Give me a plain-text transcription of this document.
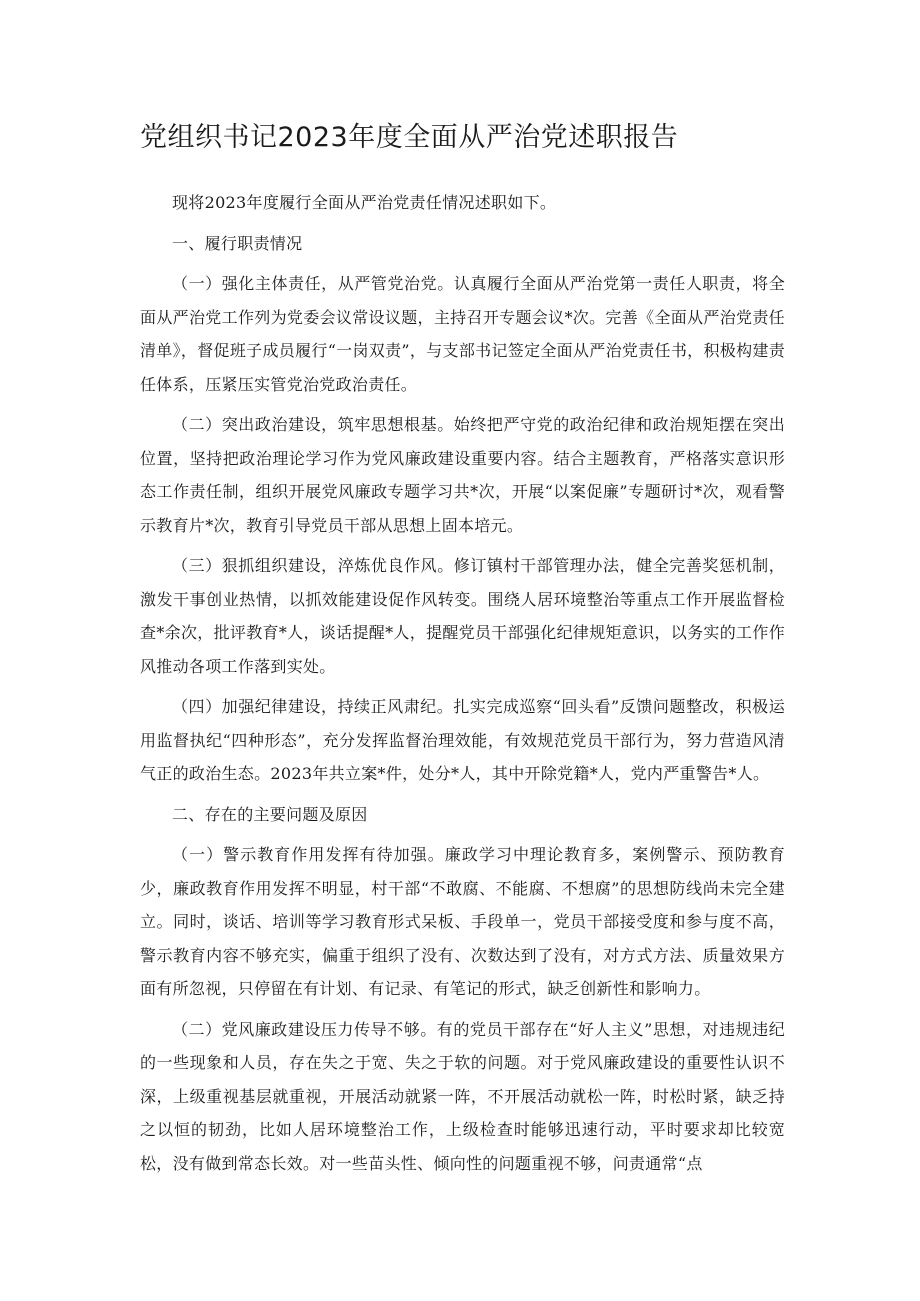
党组织书记2023年度全面从严治党述职报告

现将2023年度履行全面从严治党责任情况述职如下。

一、履行职责情况

（一）强化主体责任，从严管党治党。认真履行全面从严治党第一责任人职责，将全面从严治党工作列为党委会议常设议题，主持召开专题会议*次。完善《全面从严治党责任清单》，督促班子成员履行“一岗双责”，与支部书记签定全面从严治党责任书，积极构建责任体系，压紧压实管党治党政治责任。

（二）突出政治建设，筑牢思想根基。始终把严守党的政治纪律和政治规矩摆在突出位置，坚持把政治理论学习作为党风廉政建设重要内容。结合主题教育，严格落实意识形态工作责任制，组织开展党风廉政专题学习共*次，开展“以案促廉”专题研讨*次，观看警示教育片*次，教育引导党员干部从思想上固本培元。

（三）狠抓组织建设，淬炼优良作风。修订镇村干部管理办法，健全完善奖惩机制，激发干事创业热情，以抓效能建设促作风转变。围绕人居环境整治等重点工作开展监督检查*余次，批评教育*人，谈话提醒*人，提醒党员干部强化纪律规矩意识，以务实的工作作风推动各项工作落到实处。

（四）加强纪律建设，持续正风肃纪。扎实完成巡察“回头看”反馈问题整改，积极运用监督执纪“四种形态”，充分发挥监督治理效能，有效规范党员干部行为，努力营造风清气正的政治生态。2023年共立案*件，处分*人，其中开除党籍*人，党内严重警告*人。

二、存在的主要问题及原因

（一）警示教育作用发挥有待加强。廉政学习中理论教育多，案例警示、预防教育少，廉政教育作用发挥不明显，村干部“不敢腐、不能腐、不想腐”的思想防线尚未完全建立。同时，谈话、培训等学习教育形式呆板、手段单一，党员干部接受度和参与度不高，警示教育内容不够充实，偏重于组织了没有、次数达到了没有，对方式方法、质量效果方面有所忽视，只停留在有计划、有记录、有笔记的形式，缺乏创新性和影响力。

（二）党风廉政建设压力传导不够。有的党员干部存在“好人主义”思想，对违规违纪的一些现象和人员，存在失之于宽、失之于软的问题。对于党风廉政建设的重要性认识不深，上级重视基层就重视，开展活动就紧一阵，不开展活动就松一阵，时松时紧，缺乏持之以恒的韧劲，比如人居环境整治工作，上级检查时能够迅速行动，平时要求却比较宽松，没有做到常态长效。对一些苗头性、倾向性的问题重视不够，问责通常“点
